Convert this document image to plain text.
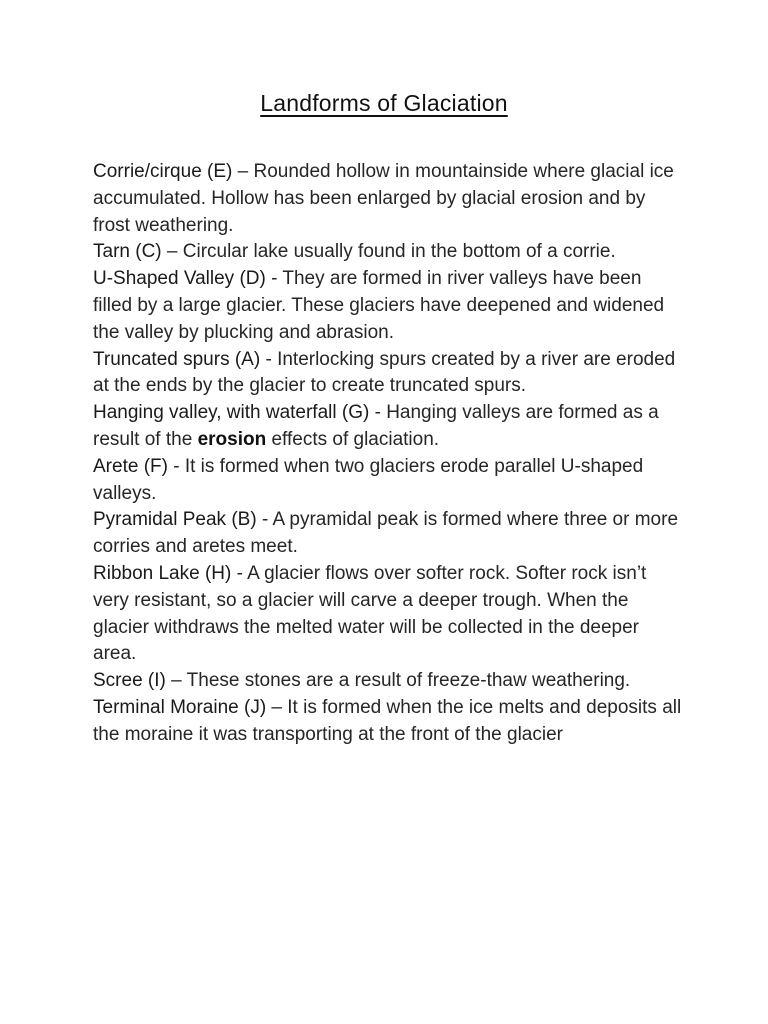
Landforms of Glaciation

Corrie/cirque (E) – Rounded hollow in mountainside where glacial ice accumulated. Hollow has been enlarged by glacial erosion and by frost weathering.

Tarn (C) – Circular lake usually found in the bottom of a corrie.

U-Shaped Valley (D) - They are formed in river valleys have been filled by a large glacier. These glaciers have deepened and widened the valley by plucking and abrasion.

Truncated spurs (A) - Interlocking spurs created by a river are eroded at the ends by the glacier to create truncated spurs.

Hanging valley, with waterfall (G) - Hanging valleys are formed as a result of the erosion effects of glaciation.

Arete (F) - It is formed when two glaciers erode parallel U-shaped valleys.

Pyramidal Peak (B) - A pyramidal peak is formed where three or more corries and aretes meet.

Ribbon Lake (H) - A glacier flows over softer rock. Softer rock isn’t very resistant, so a glacier will carve a deeper trough. When the glacier withdraws the melted water will be collected in the deeper area.

Scree (I) – These stones are a result of freeze-thaw weathering.

Terminal Moraine (J) – It is formed when the ice melts and deposits all the moraine it was transporting at the front of the glacier
